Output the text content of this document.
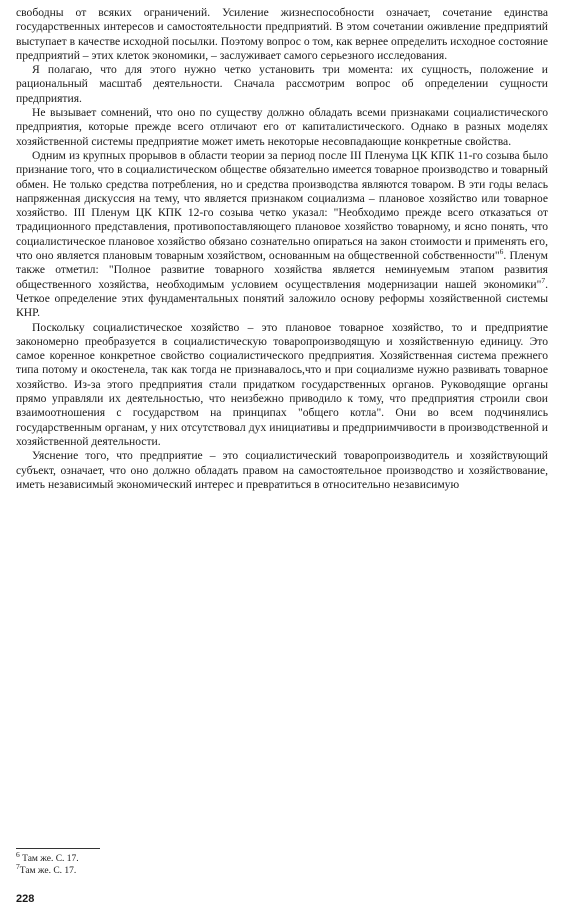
свободны от всяких ограничений. Усиление жизнеспособности означает, сочетание единства государственных интересов и самостоятельности предприятий. В этом сочетании оживление предприятий выступает в качестве исходной посылки. Поэтому вопрос о том, как вернее определить исходное состояние предприятий – этих клеток экономики, – заслуживает самого серьезного исследования.

Я полагаю, что для этого нужно четко установить три момента: их сущность, положение и рациональный масштаб деятельности. Сначала рассмотрим вопрос об определении сущности предприятия.

Не вызывает сомнений, что оно по существу должно обладать всеми признаками социалистического предприятия, которые прежде всего отличают его от капиталистического. Однако в разных моделях хозяйственной системы предприятие может иметь некоторые несовпадающие конкретные свойства.

Одним из крупных прорывов в области теории за период после III Пленума ЦК КПК 11-го созыва было признание того, что в социалистическом обществе обязательно имеется товарное производство и товарный обмен. Не только средства потребления, но и средства производства являются товаром. В эти годы велась напряженная дискуссия на тему, что является признаком социализма – плановое хозяйство или товарное хозяйство. III Пленум ЦК КПК 12-го созыва четко указал: "Необходимо прежде всего отказаться от традиционного представления, противопоставляющего плановое хозяйство товарному, и ясно понять, что социалистическое плановое хозяйство обязано сознательно опираться на закон стоимости и применять его, что оно является плановым товарным хозяйством, основанным на общественной собственности"$^6$. Пленум также отметил: "Полное развитие товарного хозяйства является неминуемым этапом развития общественного хозяйства, необходимым условием осуществления модернизации нашей экономики"$^7$. Четкое определение этих фундаментальных понятий заложило основу реформы хозяйственной системы КНР.

Поскольку социалистическое хозяйство – это плановое товарное хозяйство, то и предприятие закономерно преобразуется в социалистическую товаропроизводящую и хозяйственную единицу. Это самое коренное конкретное свойство социалистического предприятия. Хозяйственная система прежнего типа потому и окостенела, так как тогда не признавалось,что и при социализме нужно развивать товарное хозяйство. Из-за этого предприятия стали придатком государственных органов. Руководящие органы прямо управляли их деятельностью, что неизбежно приводило к тому, что предприятия строили свои взаимоотношения с государством на принципах "общего котла". Они во всем подчинялись государственным органам, у них отсутствовал дух инициативы и предприимчивости в производственной и хозяйственной деятельности.

Уяснение того, что предприятие – это социалистический товаропроизводитель и хозяйствующий субъект, означает, что оно должно обладать правом на самостоятельное производство и хозяйствование, иметь независимый экономический интерес и превратиться в относительно независимую

$^6$ Там же. С. 17.
$^7$Там же. С. 17.
228
